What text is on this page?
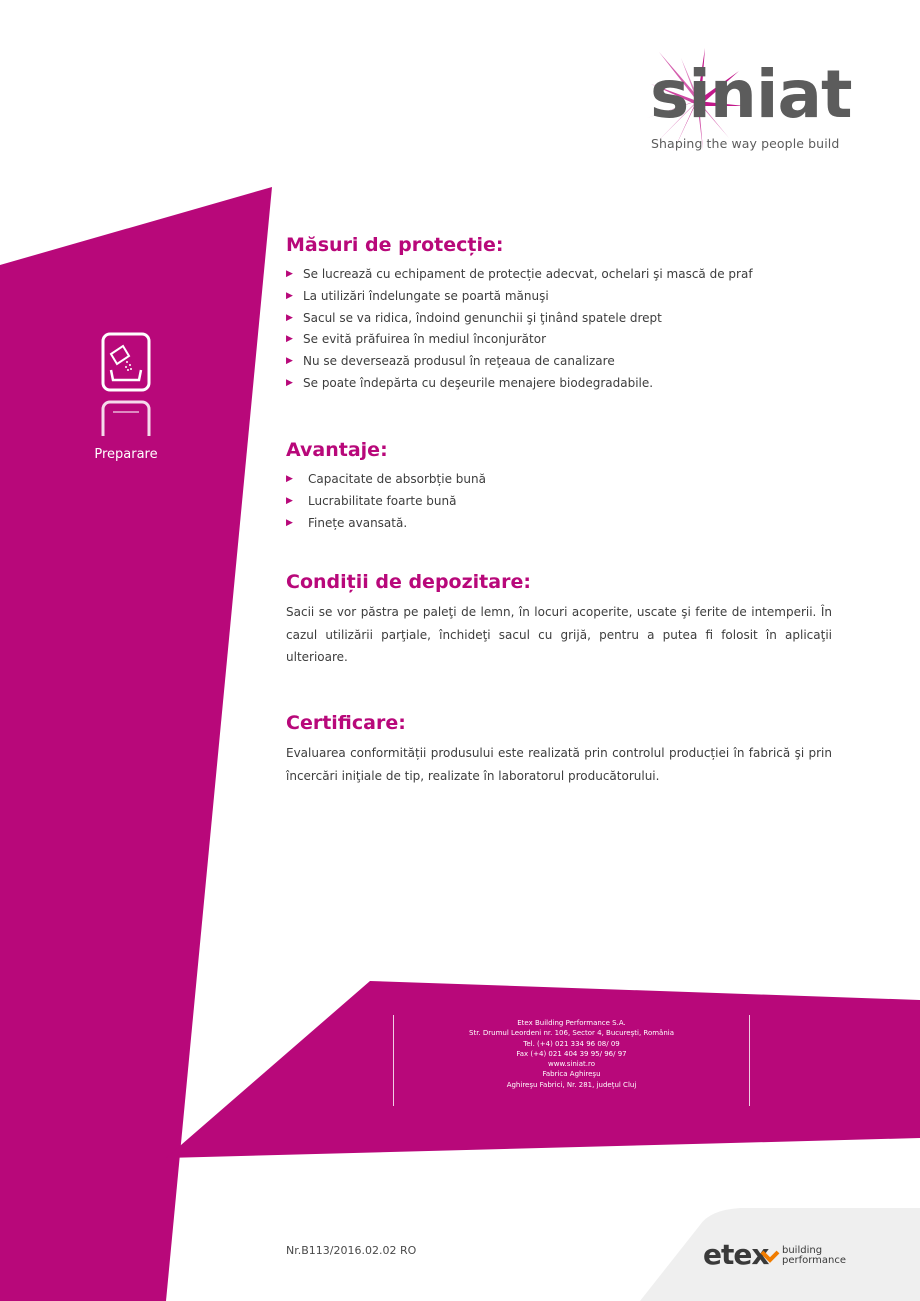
siniat
Shaping the way people build
Preparare
Măsuri de protecție:
▶ Se lucrează cu echipament de protecție adecvat, ochelari şi mască de praf
▶ La utilizări îndelungate se poartă mănuşi
▶ Sacul se va ridica, îndoind genunchii şi ţinând spatele drept
▶ Se evită prăfuirea în mediul înconjurător
▶ Nu se deversează produsul în reţeaua de canalizare
▶ Se poate îndepărta cu deşeurile menajere biodegradabile.
Avantaje:
▶ Capacitate de absorbție bună
▶ Lucrabilitate foarte bună
▶ Finețe avansată.
Condiții de depozitare:

Sacii se vor păstra pe paleţi de lemn, în locuri acoperite, uscate şi ferite de intemperii. În cazul utilizării parţiale, închideţi sacul cu grijă, pentru a putea fi folosit în aplicaţii ulterioare.

Certificare:

Evaluarea conformității produsului este realizată prin controlul producției în fabrică şi prin încercări iniţiale de tip, realizate în laboratorul producătorului.

Etex Building Performance S.A.
Str. Drumul Leordeni nr. 106, Sector 4, Bucureşti, România
Tel. (+4) 021 334 96 08/ 09
Fax (+4) 021 404 39 95/ 96/ 97
www.siniat.ro
Fabrica Aghireşu
Aghireşu Fabrici, Nr. 281, judeţul Cluj
Nr.B113/2016.02.02 RO	etex building
performance
